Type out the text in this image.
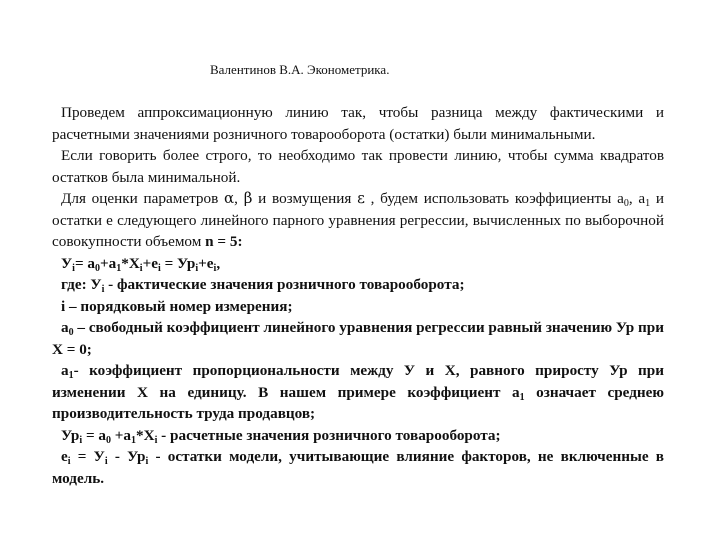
Валентинов В.А. Эконометрика.

Проведем аппроксимационную линию так, чтобы разница между фактическими и расчетными значениями розничного товарооборота (остатки) были минимальными.

Если говорить более строго, то необходимо так провести линию, чтобы сумма квадратов остатков была минимальной.

Для оценки параметров α, β и возмущения ε , будем использовать коэффициенты $a_0$, $a_1$ и остатки e следующего линейного парного уравнения регрессии, вычисленных по выборочной совокупности объемом n = 5:

$У_i= a_0+a_1*X_i+e_i = Ур_i+e_i$,

где: $У_i$ - фактические значения розничного товарооборота;

i – порядковый номер измерения;

$a_0$ – свободный коэффициент линейного уравнения регрессии равный значению Ур при Х = 0;

$a_1-$ коэффициент пропорциональности между У и Х, равного приросту Ур при изменении Х на единицу. В нашем примере коэффициент $a_1$ означает среднею производительность труда продавцов;

$Ур_i = a_0 +a_1*X_i$ - расчетные значения розничного товарооборота;

$e_i = У_i - Ур_i$ - остатки модели, учитывающие влияние факторов, не включенные в модель.
